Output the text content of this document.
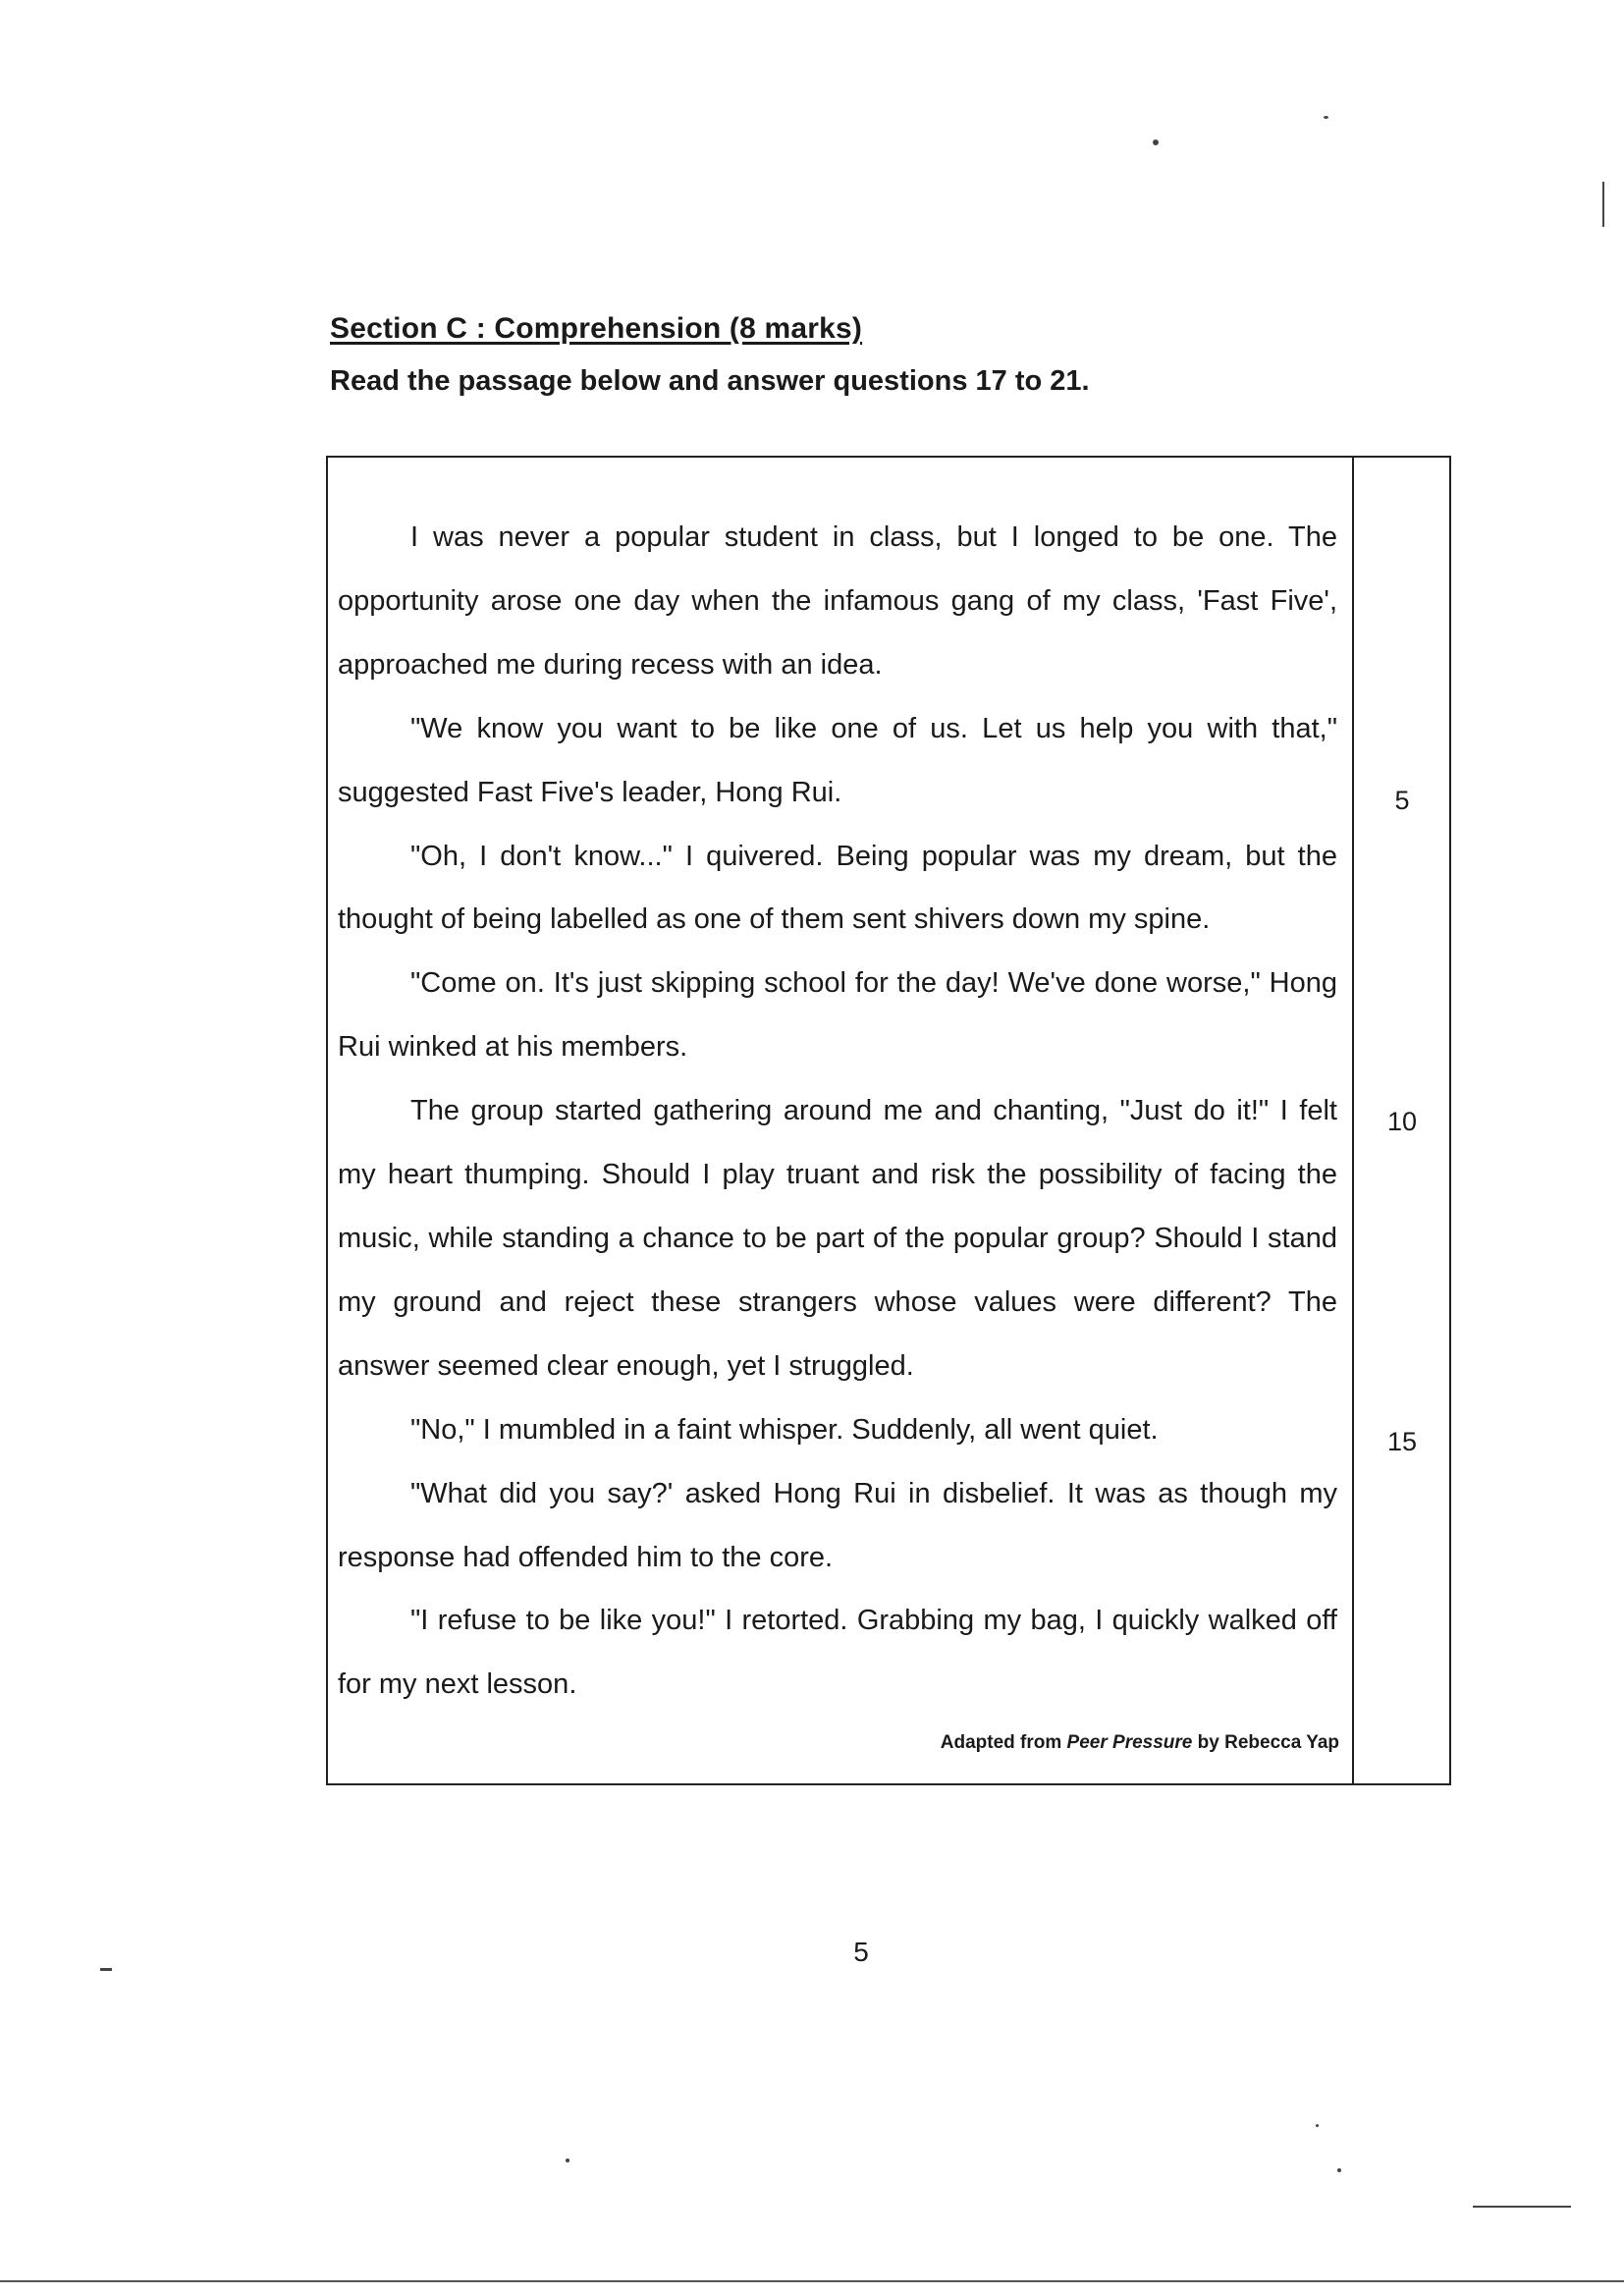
Section C : Comprehension (8 marks)
Read the passage below and answer questions 17 to 21.

I was never a popular student in class, but I longed to be one. The opportunity arose one day when the infamous gang of my class, 'Fast Five', approached me during recess with an idea.

"We know you want to be like one of us. Let us help you with that," suggested Fast Five's leader, Hong Rui.

"Oh, I don't know..." I quivered. Being popular was my dream, but the thought of being labelled as one of them sent shivers down my spine.

"Come on. It's just skipping school for the day! We've done worse," Hong Rui winked at his members.

The group started gathering around me and chanting, "Just do it!" I felt my heart thumping. Should I play truant and risk the possibility of facing the music, while standing a chance to be part of the popular group? Should I stand my ground and reject these strangers whose values were different? The answer seemed clear enough, yet I struggled.

"No," I mumbled in a faint whisper. Suddenly, all went quiet.

"What did you say?' asked Hong Rui in disbelief. It was as though my response had offended him to the core.

"I refuse to be like you!" I retorted. Grabbing my bag, I quickly walked off for my next lesson.

5
10
15
Adapted from Peer Pressure by Rebecca Yap
5
